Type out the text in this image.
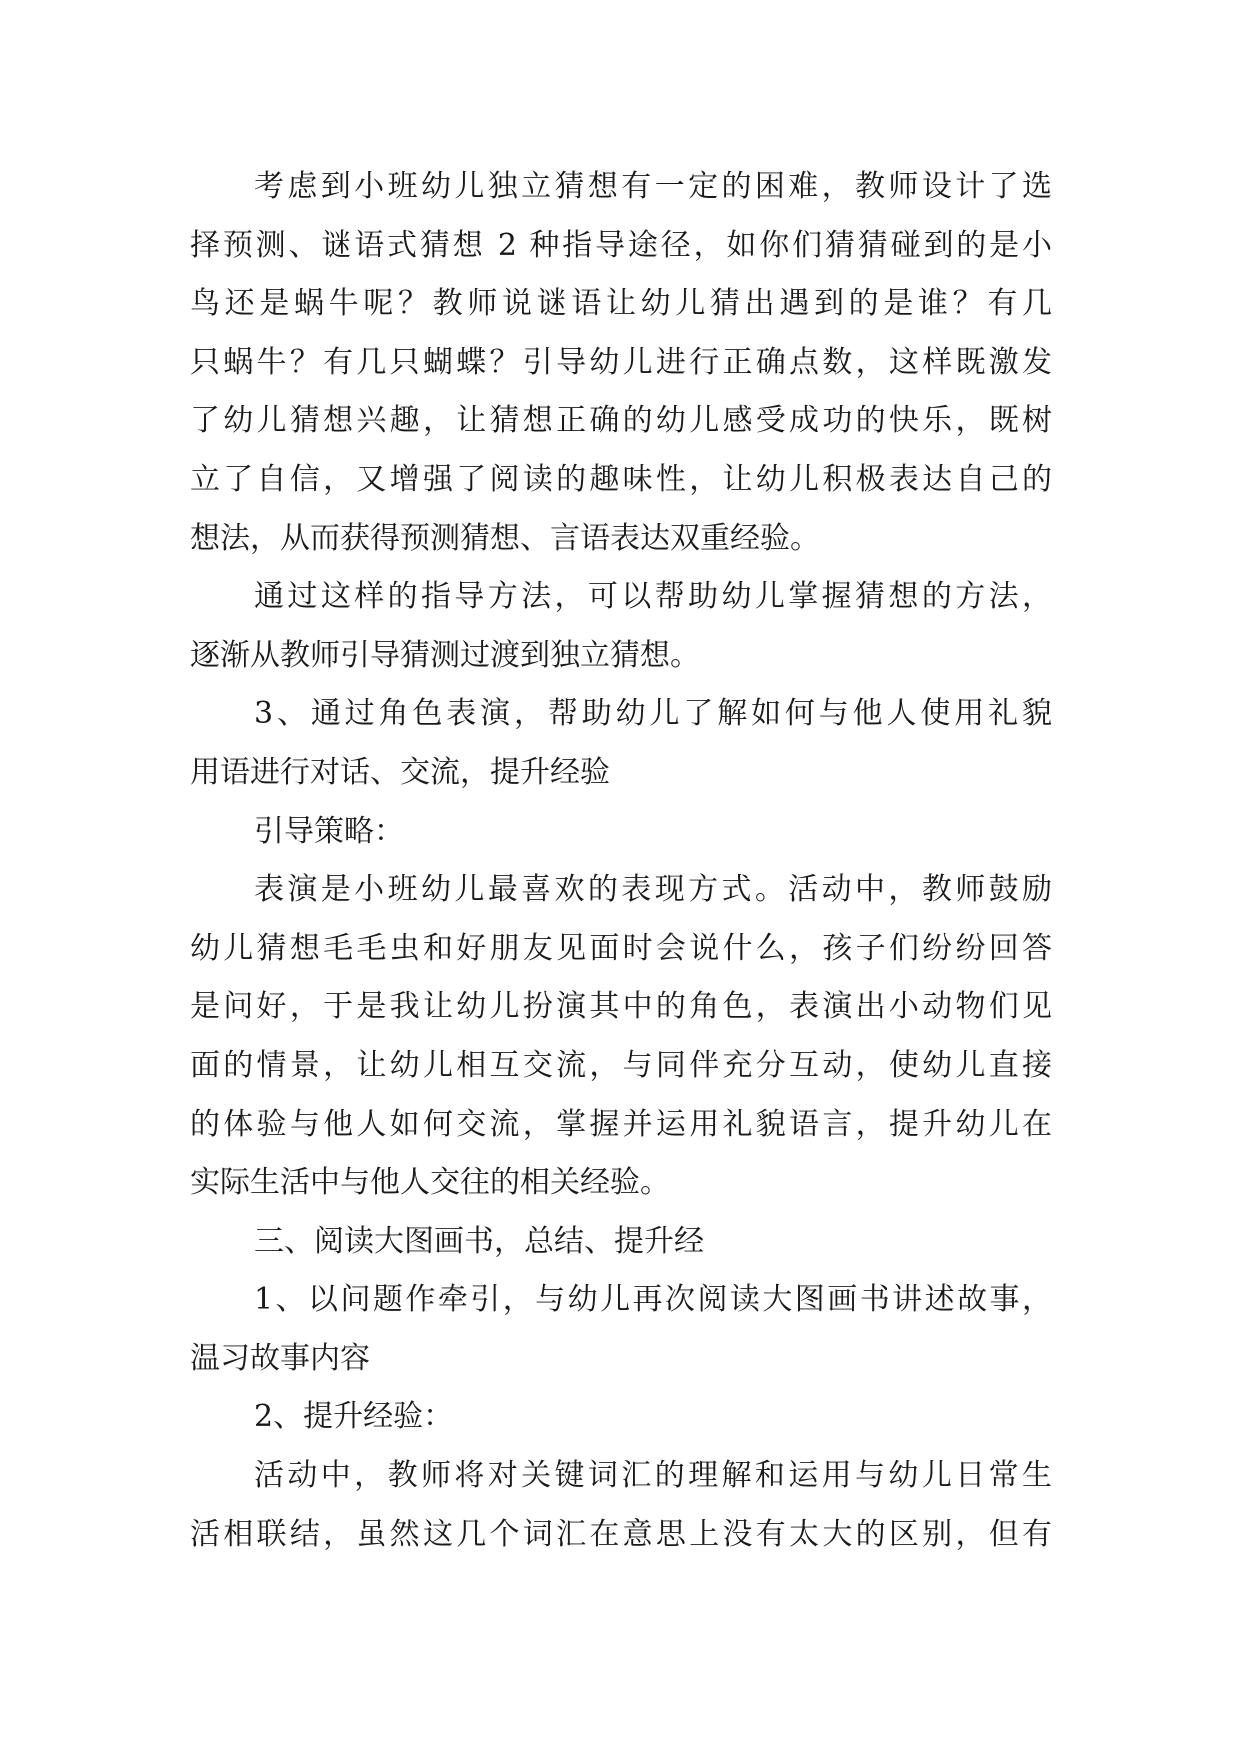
考虑到小班幼儿独立猜想有一定的困难，教师设计了选
择预测、谜语式猜想 2 种指导途径，如你们猜猜碰到的是小
鸟还是蜗牛呢？教师说谜语让幼儿猜出遇到的是谁？有几
只蜗牛？有几只蝴蝶？引导幼儿进行正确点数，这样既激发
了幼儿猜想兴趣，让猜想正确的幼儿感受成功的快乐，既树
立了自信，又增强了阅读的趣味性，让幼儿积极表达自己的
想法，从而获得预测猜想、言语表达双重经验。
通过这样的指导方法，可以帮助幼儿掌握猜想的方法，
逐渐从教师引导猜测过渡到独立猜想。
3、通过角色表演，帮助幼儿了解如何与他人使用礼貌
用语进行对话、交流，提升经验
引导策略：
表演是小班幼儿最喜欢的表现方式。活动中，教师鼓励
幼儿猜想毛毛虫和好朋友见面时会说什么，孩子们纷纷回答
是问好，于是我让幼儿扮演其中的角色，表演出小动物们见
面的情景，让幼儿相互交流，与同伴充分互动，使幼儿直接
的体验与他人如何交流，掌握并运用礼貌语言，提升幼儿在
实际生活中与他人交往的相关经验。
三、阅读大图画书，总结、提升经
1、以问题作牵引，与幼儿再次阅读大图画书讲述故事，
温习故事内容
2、提升经验：
活动中，教师将对关键词汇的理解和运用与幼儿日常生
活相联结，虽然这几个词汇在意思上没有太大的区别，但有
